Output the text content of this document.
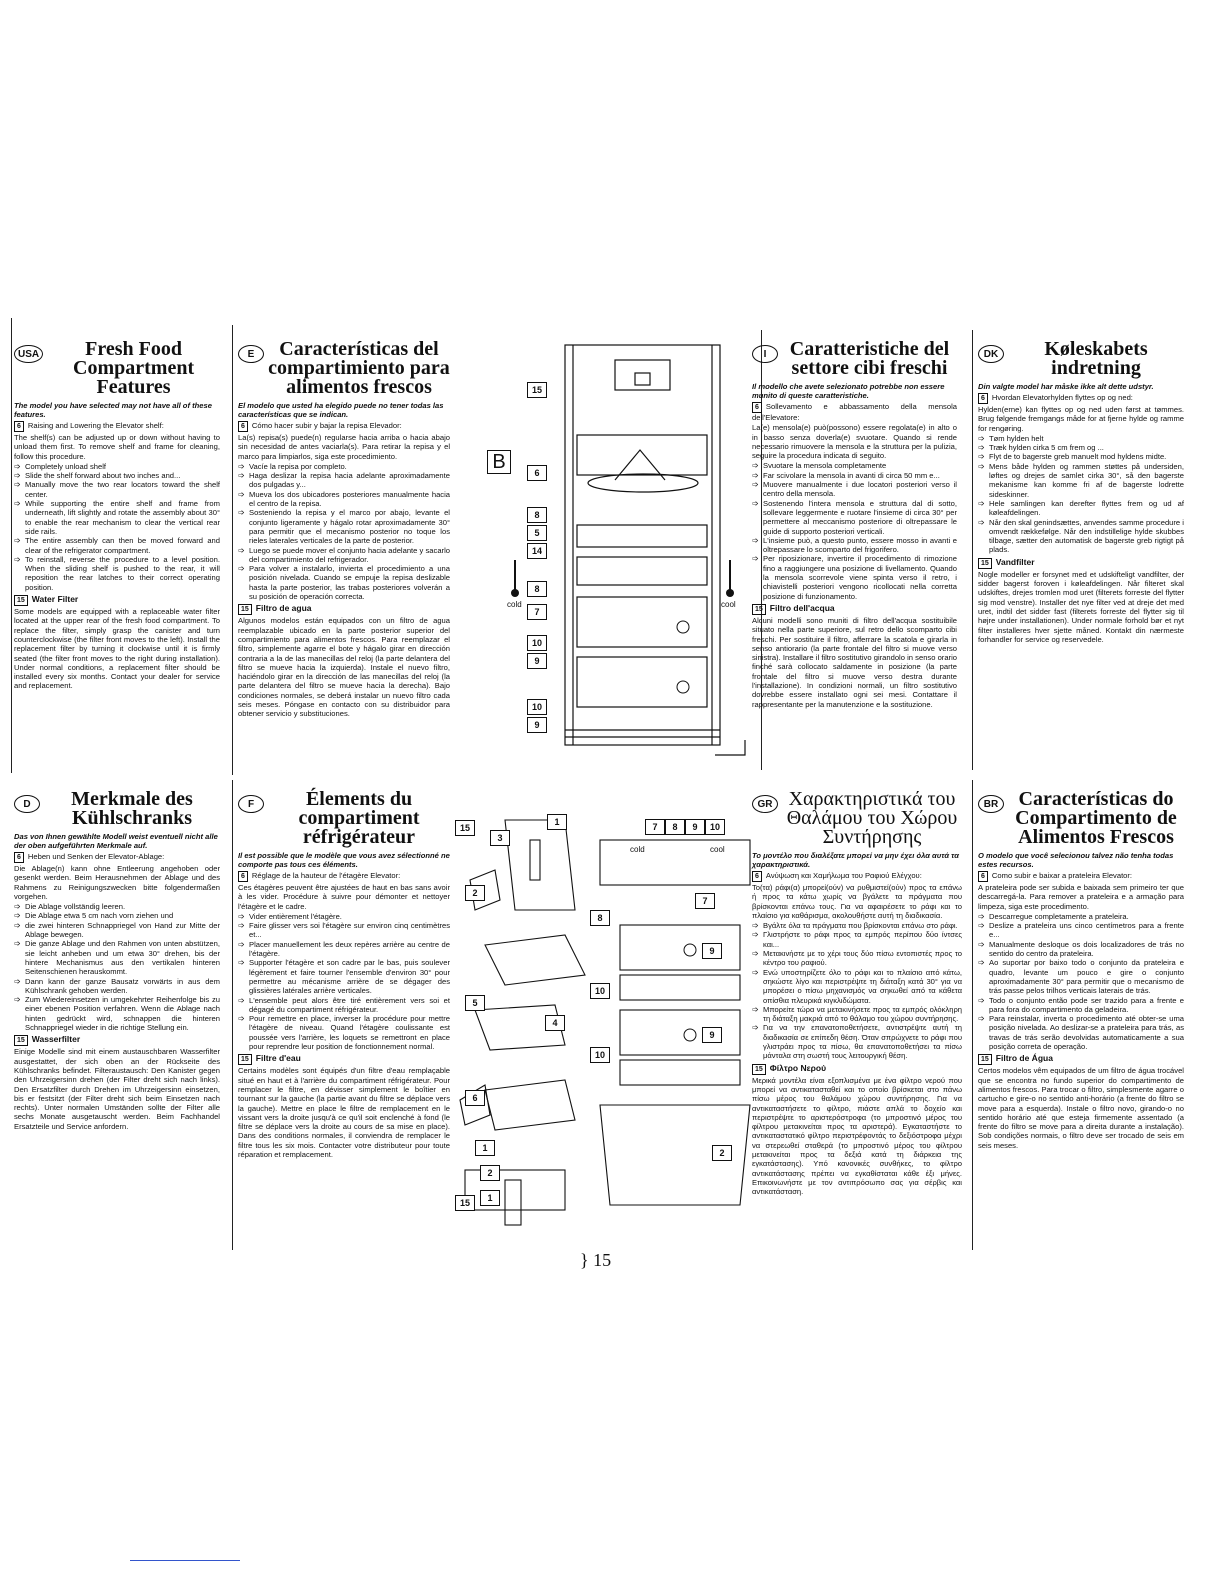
USA	Fresh Food Compartment Features
The model you have selected may not have all of these features.

6 Raising and Lowering the Elevator shelf:

The shelf(s) can be adjusted up or down without having to unload them first. To remove shelf and frame for cleaning, follow this procedure.

➩ Completely unload shelf

➩ Slide the shelf forward about two inches and...

➩ Manually move the two rear locators toward the shelf center.

➩ While supporting the entire shelf and frame from underneath, lift slightly and rotate the assembly about 30° to enable the rear mechanism to clear the vertical rear side rails.

➩ The entire assembly can then be moved forward and clear of the refrigerator compartment.

➩ To reinstall, reverse the procedure to a level position. When the sliding shelf is pushed to the rear, it will reposition the rear latches to their correct operating position.

15 Water Filter

Some models are equipped with a replaceable water filter located at the upper rear of the fresh food compartment. To replace the filter, simply grasp the canister and turn counterclockwise (the filter front moves to the left). Install the replacement filter by turning it clockwise until it is firmly seated (the filter front moves to the right during installation). Under normal conditions, a replacement filter should be installed every six months. Contact your dealer for service and replacement.

E	Características del compartimiento para alimentos frescos
El modelo que usted ha elegido puede no tener todas las características que se indican.

6 Cómo hacer subir y bajar la repisa Elevador:

La(s) repisa(s) puede(n) regularse hacia arriba o hacia abajo sin necesidad de antes vaciarla(s). Para retirar la repisa y el marco para limpiarlos, siga este procedimiento.

➩ Vacíe la repisa por completo.

➩ Haga deslizar la repisa hacia adelante aproximadamente dos pulgadas y...

➩ Mueva los dos ubicadores posteriores manualmente hacia el centro de la repisa.

➩ Sosteniendo la repisa y el marco por abajo, levante el conjunto ligeramente y hágalo rotar aproximadamente 30° para permitir que el mecanismo posterior no toque los rieles laterales verticales de la parte de posterior.

➩ Luego se puede mover el conjunto hacia adelante y sacarlo del compartimiento del refrigerador.

➩ Para volver a instalarlo, invierta el procedimiento a una posición nivelada. Cuando se empuje la repisa deslizable hasta la parte posterior, las trabas posteriores volverán a su posición de operación correcta.

15 Filtro de agua

Algunos modelos están equipados con un filtro de agua reemplazable ubicado en la parte posterior superior del compartimiento para alimentos frescos. Para reemplazar el filtro, simplemente agarre el bote y hágalo girar en dirección contraria a la de las manecillas del reloj (la parte delantera del filtro se mueve hacia la izquierda). Instale el nuevo filtro, haciéndolo girar en la dirección de las manecillas del reloj (la parte delantera del filtro se mueve hacia la derecha). Bajo condiciones normales, se deberá instalar un nuevo filtro cada seis meses. Póngase en contacto con su distribuidor para obtener servicio y substituciones.

I	Caratteristiche del settore cibi freschi
Il modello che avete selezionato potrebbe non essere munito di queste caratteristiche.

6 Sollevamento e abbassamento della mensola dell'Elevatore:

La(e) mensola(e) può(possono) essere regolata(e) in alto o in basso senza doverla(e) svuotare. Quando si rende necessario rimuovere la mensola e la struttura per la pulizia, seguire la procedura indicata di seguito.

➩ Svuotare la mensola completamente

➩ Far scivolare la mensola in avanti di circa 50 mm e...

➩ Muovere manualmente i due locatori posteriori verso il centro della mensola.

➩ Sostenendo l'intera mensola e struttura dal di sotto, sollevare leggermente e ruotare l'insieme di circa 30° per permettere al meccanismo posteriore di oltrepassare le guide di supporto posteriori verticali.

➩ L'insieme può, a questo punto, essere mosso in avanti e oltrepassare lo scomparto del frigorifero.

➩ Per riposizionare, invertire il procedimento di rimozione fino a raggiungere una posizione di livellamento. Quando la mensola scorrevole viene spinta verso il retro, i chiavistelli posteriori vengono ricollocati nella corretta posizione di funzionamento.

15 Filtro dell'acqua

Alcuni modelli sono muniti di filtro dell'acqua sostituibile situato nella parte superiore, sul retro dello scomparto cibi freschi. Per sostituire il filtro, afferrare la scatola e girarla in senso antiorario (la parte frontale del filtro si muove verso sinistra). Installare il filtro sostitutivo girandolo in senso orario finché sarà collocato saldamente in posizione (la parte frontale del filtro si muove verso destra durante l'installazione). In condizioni normali, un filtro sostitutivo dovrebbe essere installato ogni sei mesi. Contattare il rappresentante per la manutenzione e la sostituzione.

DK	Køleskabets indretning
Din valgte model har måske ikke alt dette udstyr.

6 Hvordan Elevatorhylden flyttes op og ned:

Hylden(erne) kan flyttes op og ned uden først at tømmes. Brug følgende fremgangs måde for at fjerne hylde og ramme for rengøring.

➩ Tøm hylden helt

➩ Træk hylden cirka 5 cm frem og ...

➩ Flyt de to bagerste greb manuelt mod hyldens midte.

➩ Mens både hylden og rammen støttes på undersiden, løftes og drejes de samlet cirka 30°, så den bagerste mekanisme kan komme fri af de bagerste lodrette sideskinner.

➩ Hele samlingen kan derefter flyttes frem og ud af køleafdelingen.

➩ Når den skal genindsættes, anvendes samme procedure i omvendt rækkefølge. Når den indstillelige hylde skubbes tilbage, sætter den automatisk de bagerste greb rigtigt på plads.

15 Vandfilter

Nogle modeller er forsynet med et udskifteligt vandfilter, der sidder bagerst foroven i køleafdelingen. Når filteret skal udskiftes, drejes tromlen mod uret (filterets forreste del flytter sig mod venstre). Installer det nye filter ved at dreje det med uret, indtil det sidder fast (filterets forreste del flytter sig til højre under installationen). Under normale forhold bør et nyt filter installeres hver sjette måned. Kontakt din nærmeste forhandler for service og reservedele.

D	Merkmale des Kühlschranks
Das von Ihnen gewählte Modell weist eventuell nicht alle der oben aufgeführten Merkmale auf.

6 Heben und Senken der Elevator-Ablage:

Die Ablage(n) kann ohne Entleerung angehoben oder gesenkt werden. Beim Herausnehmen der Ablage und des Rahmens zu Reinigungszwecken bitte folgendermaßen vorgehen.

➩ Die Ablage vollständig leeren.

➩ Die Ablage etwa 5 cm nach vorn ziehen und

➩ die zwei hinteren Schnappriegel von Hand zur Mitte der Ablage bewegen.

➩ Die ganze Ablage und den Rahmen von unten abstützen, sie leicht anheben und um etwa 30° drehen, bis der hintere Mechanismus aus den vertikalen hinteren Seitenschienen herauskommt.

➩ Dann kann der ganze Bausatz vorwärts in aus dem Kühlschrank gehoben werden.

➩ Zum Wiedereinsetzen in umgekehrter Reihenfolge bis zu einer ebenen Position verfahren. Wenn die Ablage nach hinten gedrückt wird, schnappen die hinteren Schnappriegel wieder in die richtige Stellung ein.

15 Wasserfilter

Einige Modelle sind mit einem austauschbaren Wasserfilter ausgestattet, der sich oben an der Rückseite des Kühlschranks befindet. Filteraustausch: Den Kanister gegen den Uhrzeigersinn drehen (der Filter dreht sich nach links). Den Ersatzfilter durch Drehen im Uhrzeigersinn einsetzen, bis er festsitzt (der Filter dreht sich beim Einsetzen nach rechts). Unter normalen Umständen sollte der Filter alle sechs Monate ausgetauscht werden. Beim Fachhandel Ersatzteile und Service anfordern.

F	Élements du compartiment réfrigérateur
Il est possible que le modèle que vous avez sélectionné ne comporte pas tous ces éléments.

6 Réglage de la hauteur de l'étagère Elevator:

Ces étagères peuvent être ajustées de haut en bas sans avoir à les vider. Procédure à suivre pour démonter et nettoyer l'étagère et le cadre.

➩ Vider entièrement l'étagère.

➩ Faire glisser vers soi l'étagère sur environ cinq centimètres et...

➩ Placer manuellement les deux repères arrière au centre de l'étagère.

➩ Supporter l'étagère et son cadre par le bas, puis soulever légèrement et faire tourner l'ensemble d'environ 30° pour permettre au mécanisme arrière de se dégager des glissières latérales arrière verticales.

➩ L'ensemble peut alors être tiré entièrement vers soi et dégagé du compartiment réfrigérateur.

➩ Pour remettre en place, inverser la procédure pour mettre l'étagère de niveau. Quand l'étagère coulissante est poussée vers l'arrière, les loquets se remettront en place pour reprendre leur position de fonctionnement normal.

15 Filtre d'eau

Certains modèles sont équipés d'un filtre d'eau remplaçable situé en haut et à l'arrière du compartiment réfrigérateur. Pour remplacer le filtre, en dévisser simplement le boîtier en tournant sur la gauche (la partie avant du filtre se déplace vers la gauche). Mettre en place le filtre de remplacement en le vissant vers la droite jusqu'à ce qu'il soit enclenché à fond (le filtre se déplace vers la droite au cours de sa mise en place). Dans des conditions normales, il conviendra de remplacer le filtre tous les six mois. Contacter votre distributeur pour toute réparation et remplacement.

GR Χαρακτηριστικά του Θαλάμου του Χώρου Συντήρησης
Το μοντέλο που διαλέξατε μπορεί να μην έχει όλα αυτά τα χαρακτηριστικά.

6 Ανύψωση και Χαμήλωμα του Ραφιού Ελέγχου:

Το(τα) ράφι(α) μπορεί(ούν) να ρυθμιστεί(ούν) προς τα επάνω ή προς τα κάτω χωρίς να βγάλετε τα πράγματα που βρίσκονται επάνω τους. Για να αφαιρέσετε το ράφι και το πλαίσιο για καθάρισμα, ακολουθήστε αυτή τη διαδικασία.

➩ Βγάλτε όλα τα πράγματα που βρίσκονται επάνω στο ράφι.

➩ Γλιστρήστε το ράφι προς τα εμπρός περίπου δύο ίντσες και...

➩ Μετακινήστε με το χέρι τους δύο πίσω εντοπιστές προς το κέντρο του ραφιού.

➩ Ενώ υποστηρίζετε όλο το ράφι και το πλαίσιο από κάτω, σηκώστε λίγο και περιστρέψτε τη διάταξη κατά 30° για να μπορέσει ο πίσω μηχανισμός να σηκωθεί από τα κάθετα οπίσθια πλευρικά κιγκλιδώματα.

➩ Μπορείτε τώρα να μετακινήσετε προς τα εμπρός ολόκληρη τη διάταξη μακριά από το θάλαμο του χώρου συντήρησης.

➩ Για να την επανατοποθετήσετε, αντιστρέψτε αυτή τη διαδικασία σε επίπεδη θέση. Όταν σπρώχνετε το ράφι που γλιστράει προς τα πίσω, θα επανατοποθετήσει τα πίσω μάνταλα στη σωστή τους λειτουργική θέση.

15 Φίλτρο Νερού

Μερικά μοντέλα είναι εξοπλισμένα με ένα φίλτρο νερού που μπορεί να αντικατασταθεί και το οποίο βρίσκεται στο πάνω πίσω μέρος του θαλάμου χώρου συντήρησης. Για να αντικαταστήσετε το φίλτρο, πιάστε απλά το δοχείο και περιστρέψτε το αριστερόστροφα (το μπροστινό μέρος του φίλτρου μετακινείται προς τα αριστερά). Εγκαταστήστε το αντικαταστατικό φίλτρο περιστρέφοντάς το δεξιόστροφα μέχρι να στερεωθεί σταθερά (το μπροστινό μέρος του φίλτρου μετακινείται προς τα δεξιά κατά τη διάρκεια της εγκατάστασης). Υπό κανονικές συνθήκες, το φίλτρο αντικατάστασης πρέπει να εγκαθίσταται κάθε έξι μήνες. Επικοινωνήστε με τον αντιπρόσωπο σας για σέρβις και αντικατάσταση.

BR	Características do Compartimento de Alimentos Frescos
O modelo que você selecionou talvez não tenha todas estes recursos.

6 Como subir e baixar a prateleira Elevator:

A prateleira pode ser subida e baixada sem primeiro ter que descarregá-la. Para remover a prateleira e a armação para limpeza, siga este procedimento.

➩ Descarregue completamente a prateleira.

➩ Deslize a prateleira uns cinco centímetros para a frente e...

➩ Manualmente desloque os dois localizadores de trás no sentido do centro da prateleira.

➩ Ao suportar por baixo todo o conjunto da prateleira e quadro, levante um pouco e gire o conjunto aproximadamente 30° para permitir que o mecanismo de trás passe pelos trilhos verticais laterais de trás.

➩ Todo o conjunto então pode ser trazido para a frente e para fora do compartimento da geladeira.

➩ Para reinstalar, inverta o procedimento até obter-se uma posição nivelada. Ao deslizar-se a prateleira para trás, as travas de trás serão devolvidas automaticamente a sua posição correta de operação.

15 Filtro de Água

Certos modelos vêm equipados de um filtro de água trocável que se encontra no fundo superior do compartimento de alimentos frescos. Para trocar o filtro, simplesmente agarre o cartucho e gire-o no sentido anti-horário (a frente do filtro se move para a esquerda). Instale o filtro novo, girando-o no sentido horário até que esteja firmemente assentado (a frente do filtro se move para a direita durante a instalação). Sob condições normais, o filtro deve ser trocado de seis em seis meses.

B
cold	cool
15
6
8
5
14
8
7
10
9
10
9
15
3
1
2
5
4
6
1
2
1
15
7	8	9	10
cold	cool
7
8
10
9
10
9
2
} 15
